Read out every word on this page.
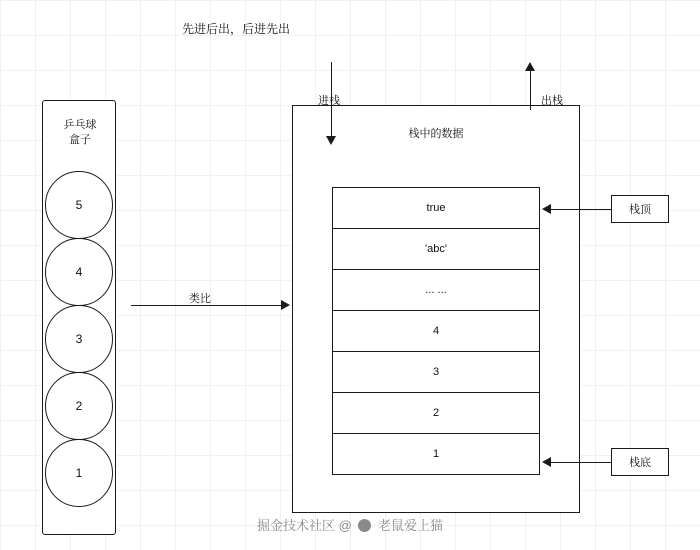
先进后出，后进先出
乒乓球
盒子
5
4
3
2
1
类比
栈中的数据
进栈	出栈
true
'abc'
... ...
4
3
2
1
栈顶
栈底
掘金技术社区 @ 老鼠爱上猫
